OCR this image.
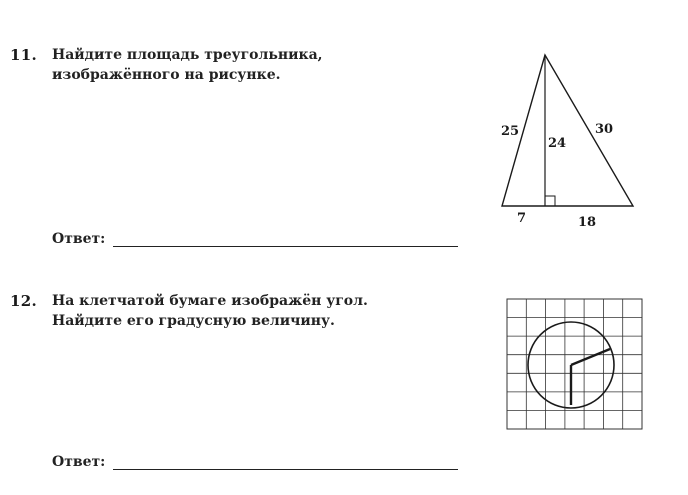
11. Найдите площадь треугольника,
изображённого на рисунке.
25
24
30
7	18
Ответ:
12. На клетчатой бумаге изображён угол.
Найдите его градусную величину.
Ответ:
